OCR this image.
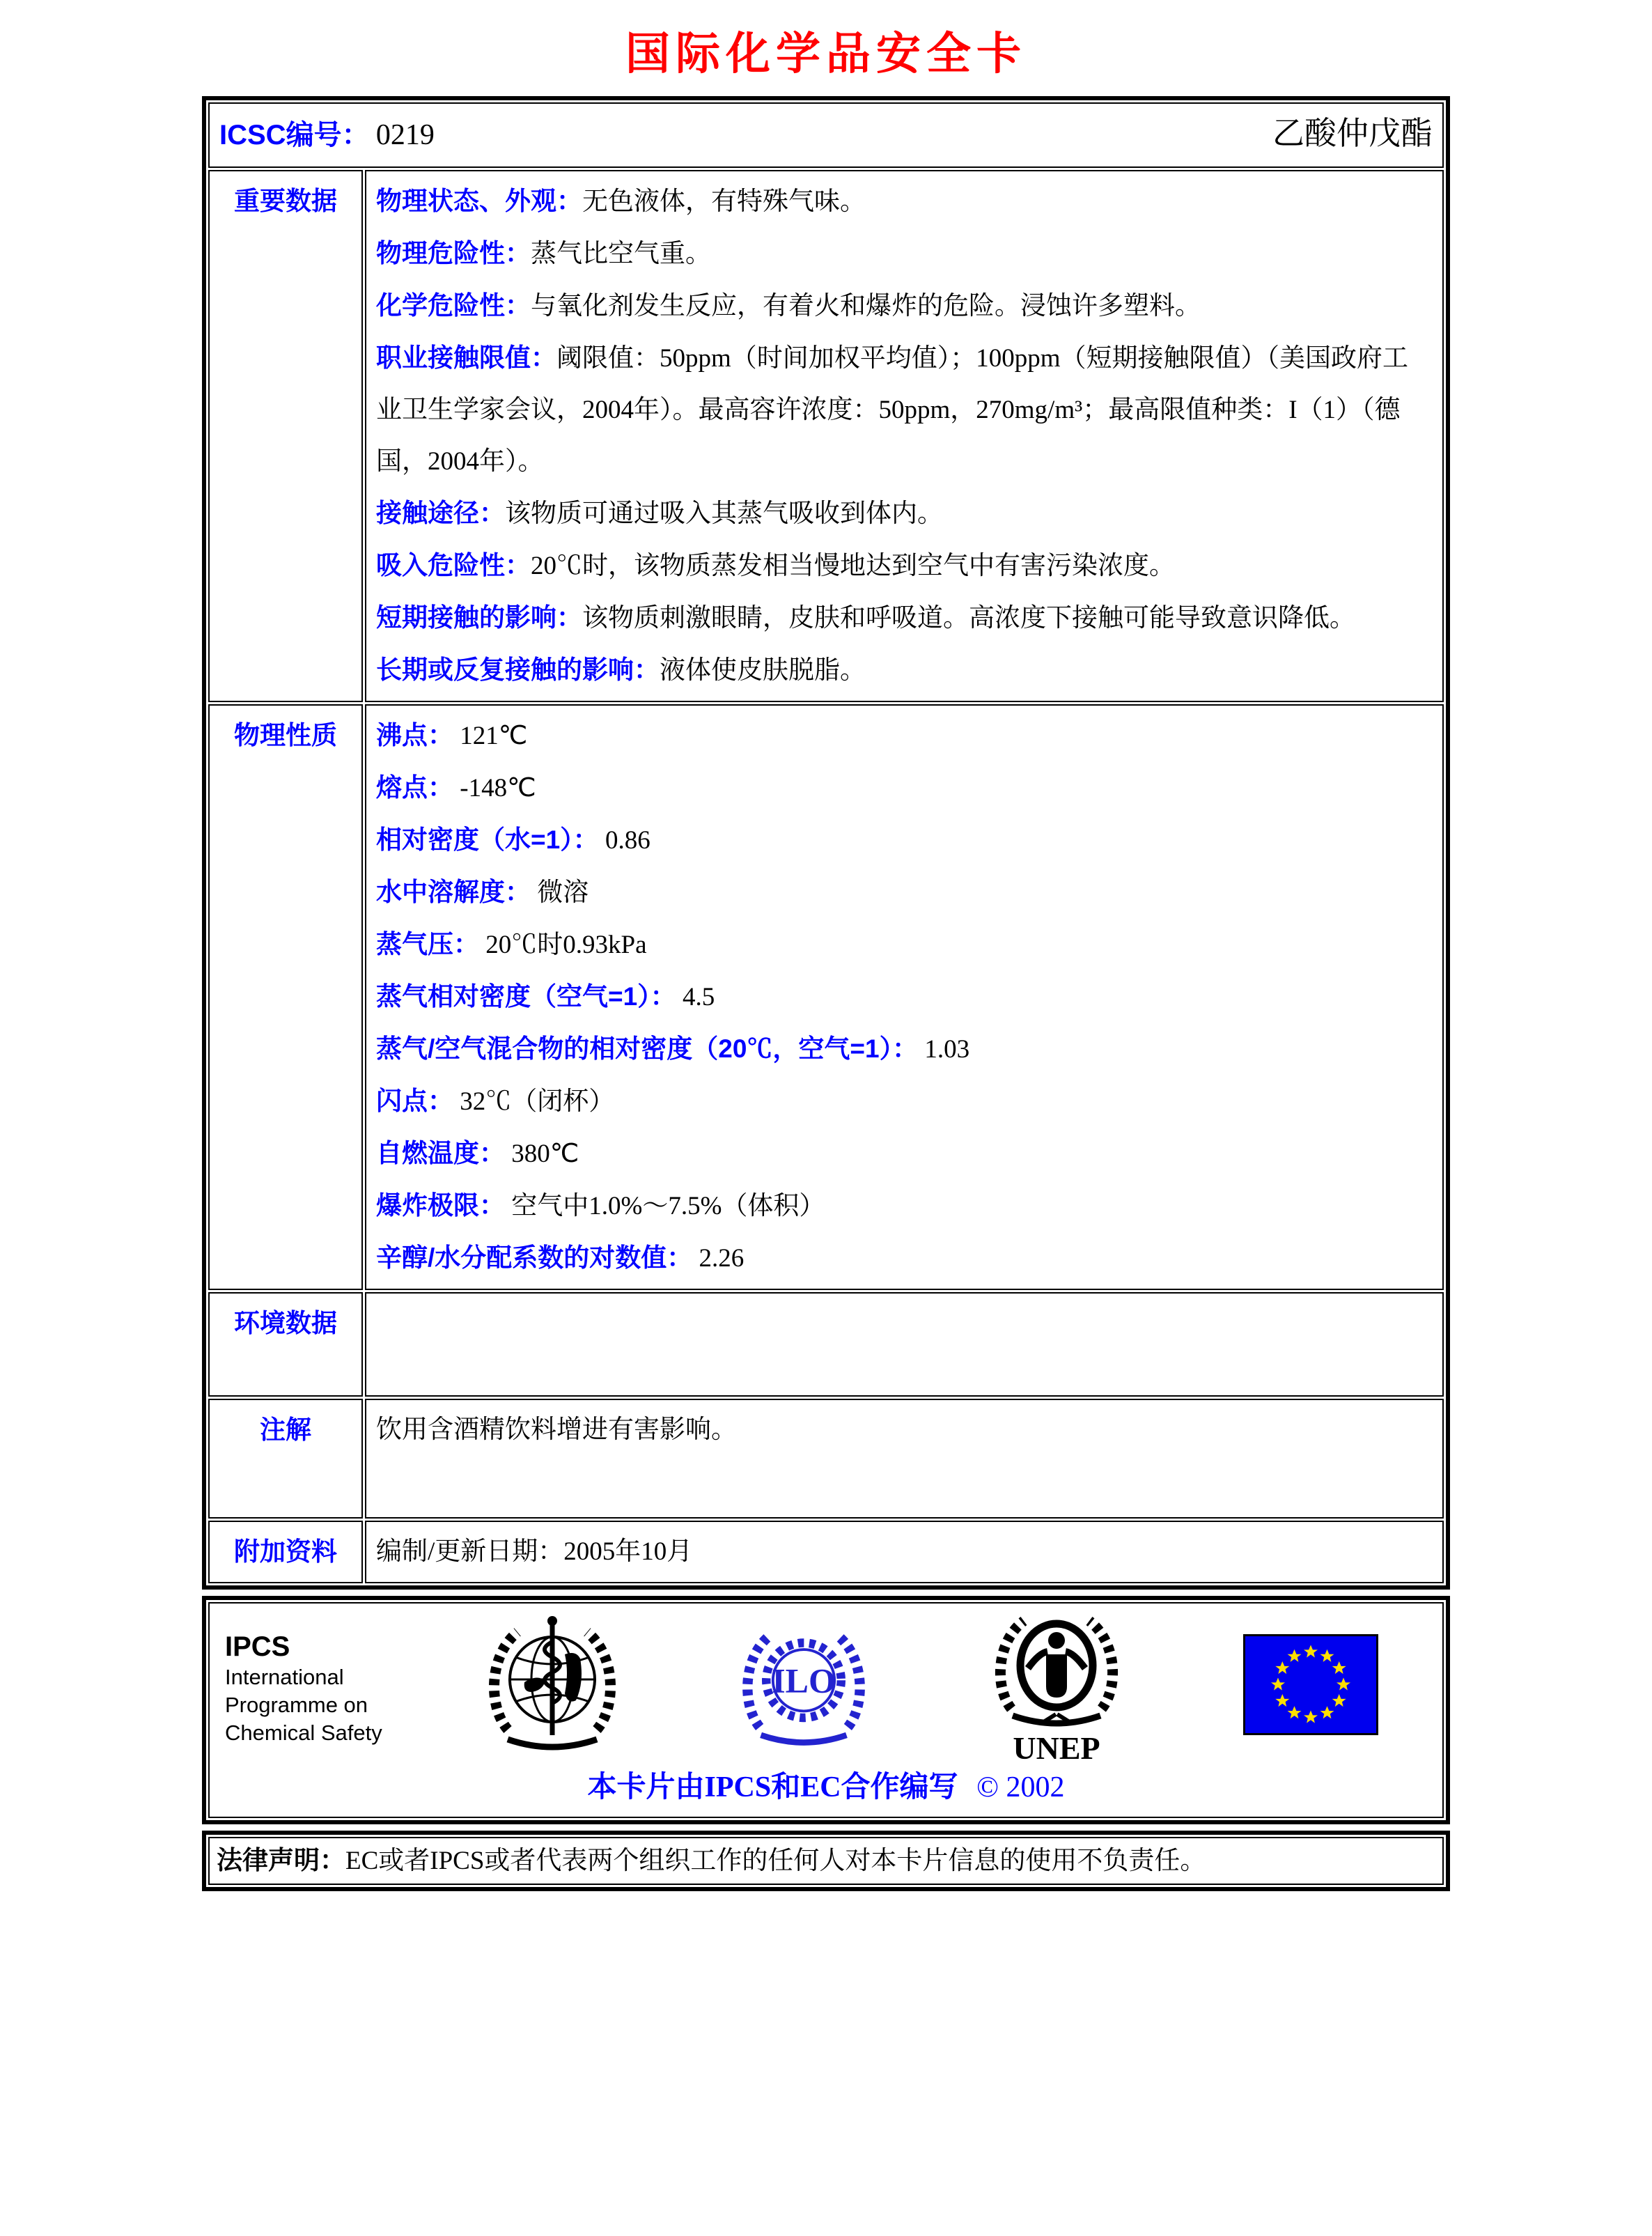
国际化学品安全卡
ICSC编号： 0219 乙酸仲戊酯	

重要数据	物理状态、外观：无色液体，有特殊气味。
物理危险性：蒸气比空气重。
化学危险性：与氧化剂发生反应，有着火和爆炸的危险。浸蚀许多塑料。
职业接触限值：阈限值：50ppm（时间加权平均值）；100ppm（短期接触限值）（美国政府工业卫生学家会议，2004年）。最高容许浓度：50ppm，270mg/m³；最高限值种类：I（1）（德国，2004年）。
接触途径：该物质可通过吸入其蒸气吸收到体内。
吸入危险性：20℃时，该物质蒸发相当慢地达到空气中有害污染浓度。
短期接触的影响：该物质刺激眼睛，皮肤和呼吸道。高浓度下接触可能导致意识降低。
长期或反复接触的影响：液体使皮肤脱脂。

物理性质	沸点： 121℃
熔点： -148℃
相对密度（水=1）： 0.86
水中溶解度： 微溶
蒸气压： 20℃时0.93kPa
蒸气相对密度（空气=1）： 4.5
蒸气/空气混合物的相对密度（20℃，空气=1）： 1.03
闪点： 32℃（闭杯）
自燃温度： 380℃
爆炸极限： 空气中1.0%～7.5%（体积）
辛醇/水分配系数的对数值： 2.26

环境数据	
注解	饮用含酒精饮料增进有害影响。
附加资料	编制/更新日期：2005年10月
IPCS
International
Programme on
Chemical Safety
ILO
UNEP
本卡片由IPCS和EC合作编写 © 2002
法律声明：EC或者IPCS或者代表两个组织工作的任何人对本卡片信息的使用不负责任。
